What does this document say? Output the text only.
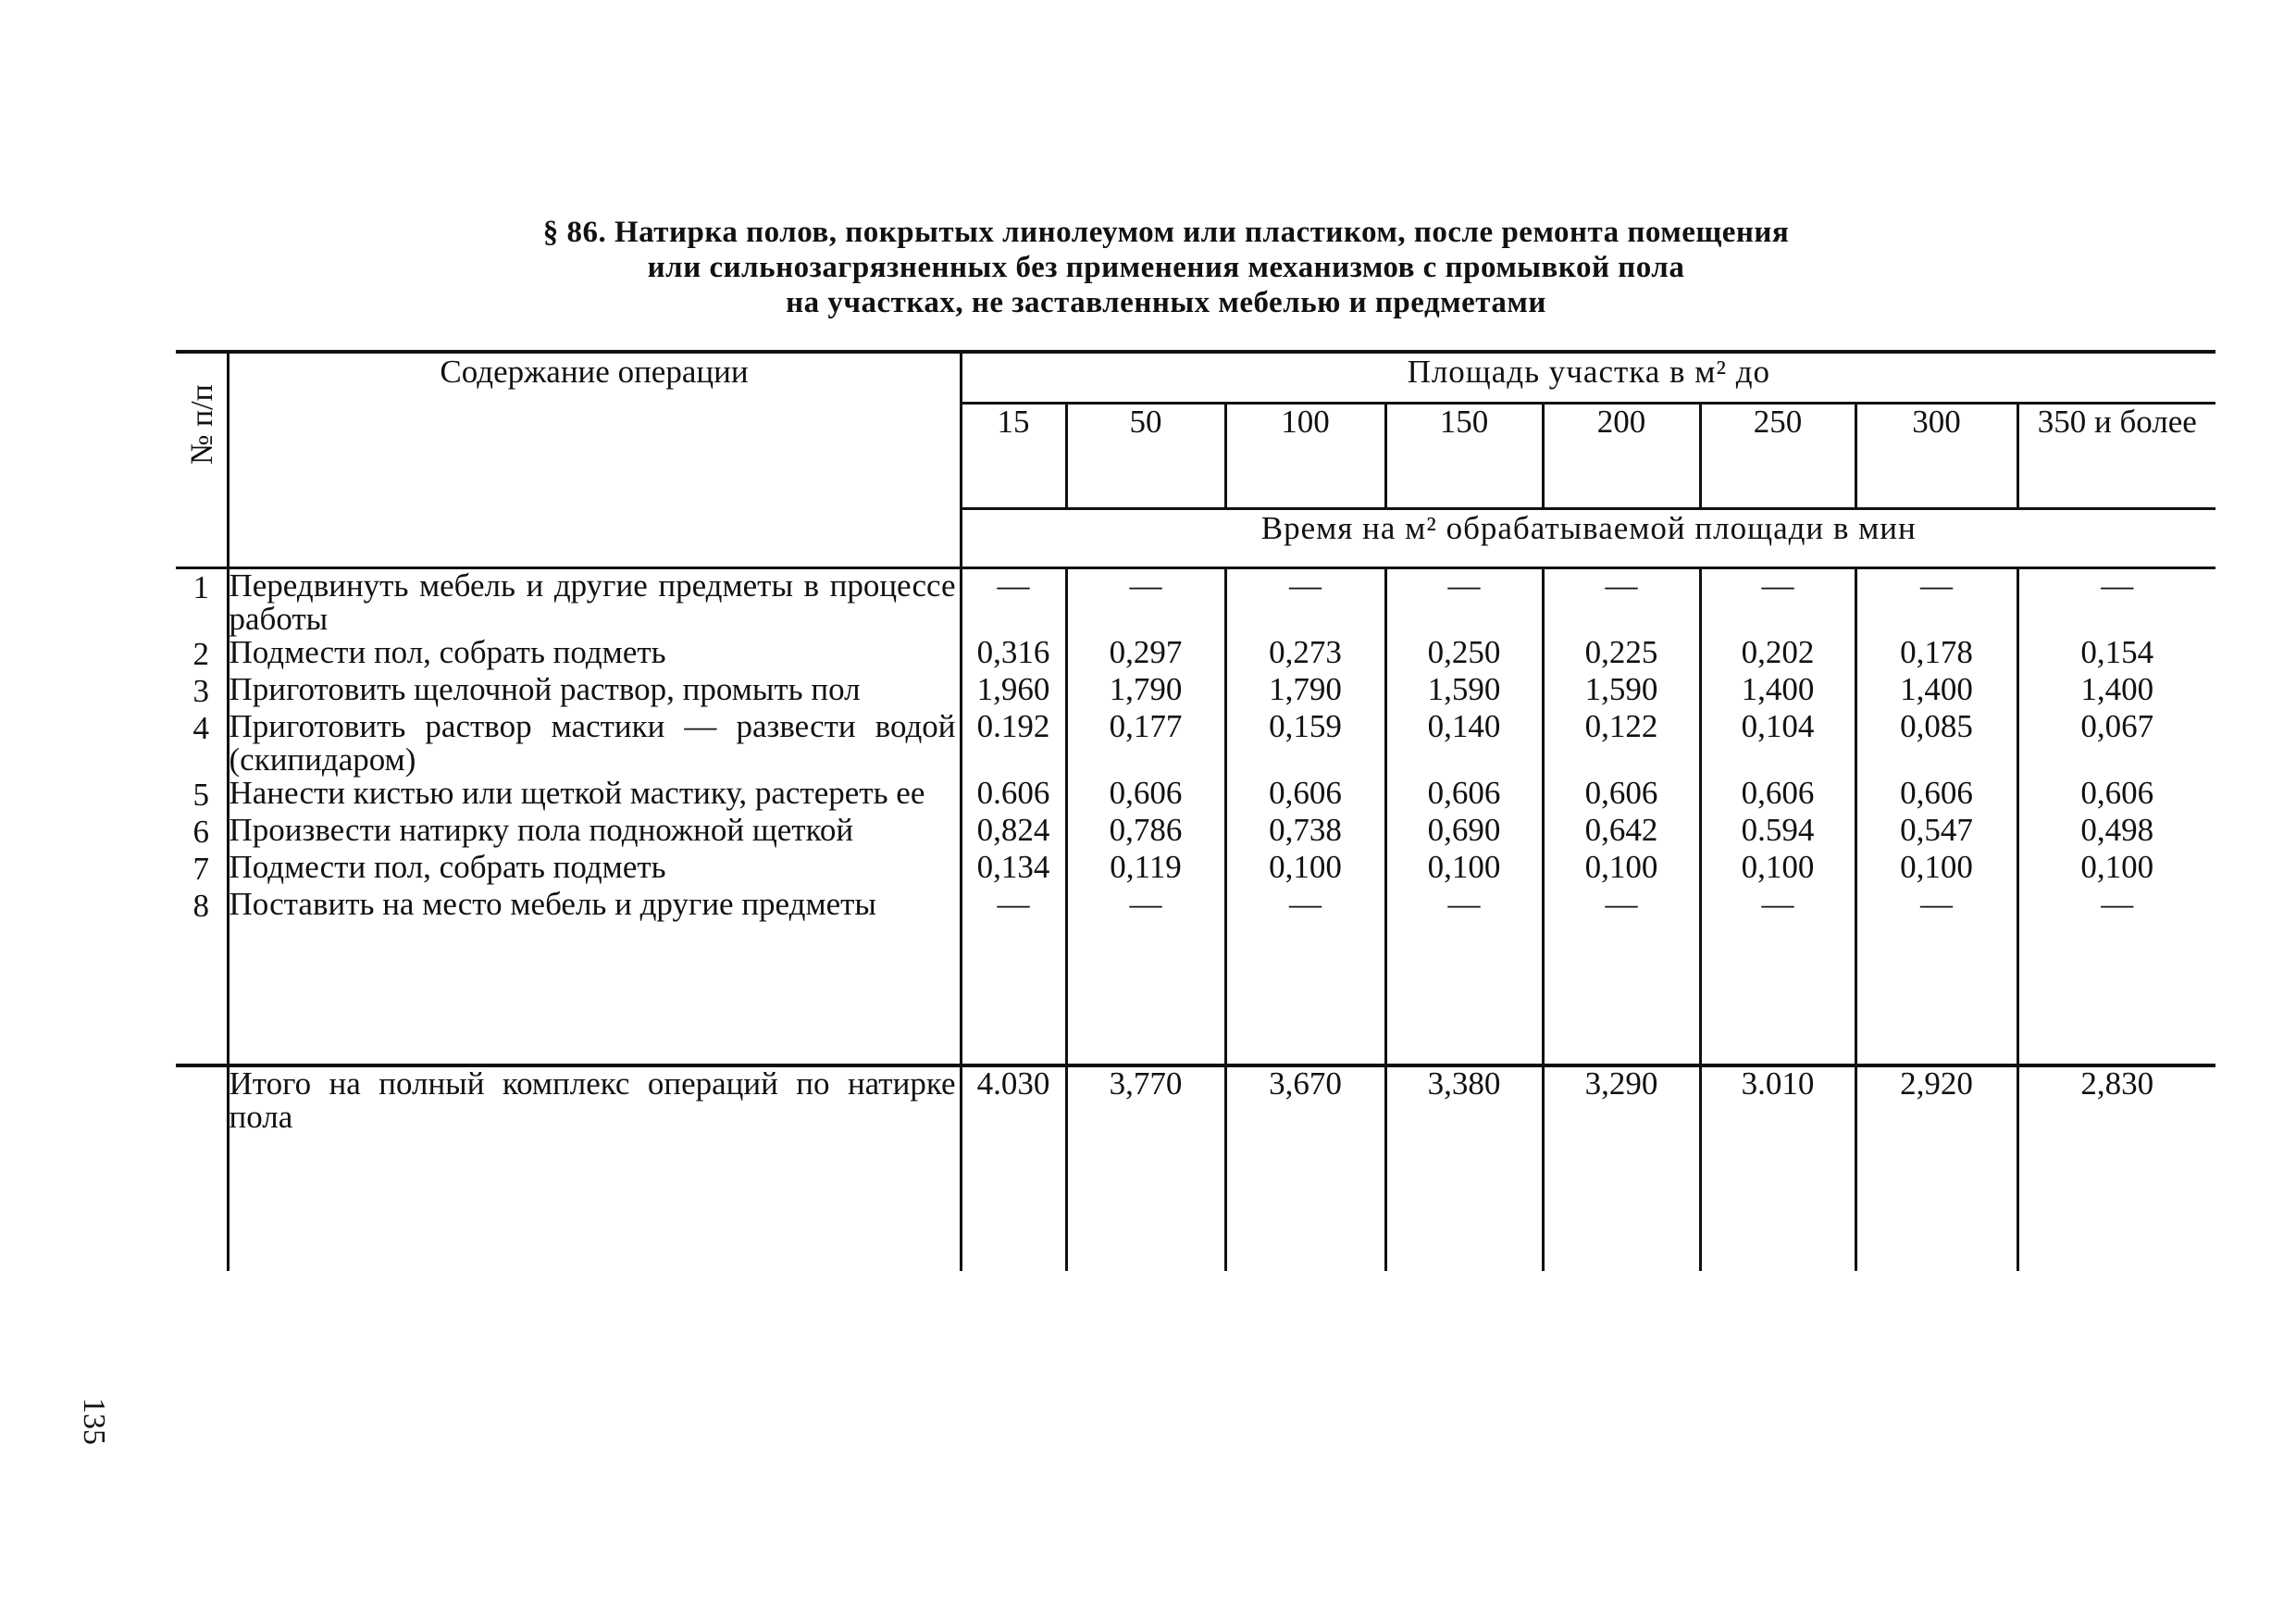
§ 86. Натирка полов, покрытых линолеумом или пластиком, после ремонта помещения
или сильнозагрязненных без применения механизмов с промывкой пола
на участках, не заставленных мебелью и предметами
№ п/п	Содержание операции	Площадь участка в м² до							
		15	50	100	150	200	250	300	350 и более
		Время на м² обрабатываемой площади в мин							
1	Передвинуть мебель и другие предметы в процессе работы	—	—	—	—	—	—	—	—
2	Подмести пол, собрать подметь	0,316	0,297	0,273	0,250	0,225	0,202	0,178	0,154
3	Приготовить щелочной раствор, промыть пол	1,960	1,790	1,790	1,590	1,590	1,400	1,400	1,400
4	Приготовить раствор мастики — развести водой (скипидаром)	0.192	0,177	0,159	0,140	0,122	0,104	0,085	0,067
5	Нанести кистью или щеткой мастику, растереть ее	0.606	0,606	0,606	0,606	0,606	0,606	0,606	0,606
6	Произвести натирку пола подножной щеткой	0,824	0,786	0,738	0,690	0,642	0.594	0,547	0,498
7	Подмести пол, собрать подметь	0,134	0,119	0,100	0,100	0,100	0,100	0,100	0,100
8	Поставить на место мебель и другие предметы	—	—	—	—	—	—	—	—

	Итого на полный комплекс операций по натирке пола	4.030	3,770	3,670	3,380	3,290	3.010	2,920	2,830
135
